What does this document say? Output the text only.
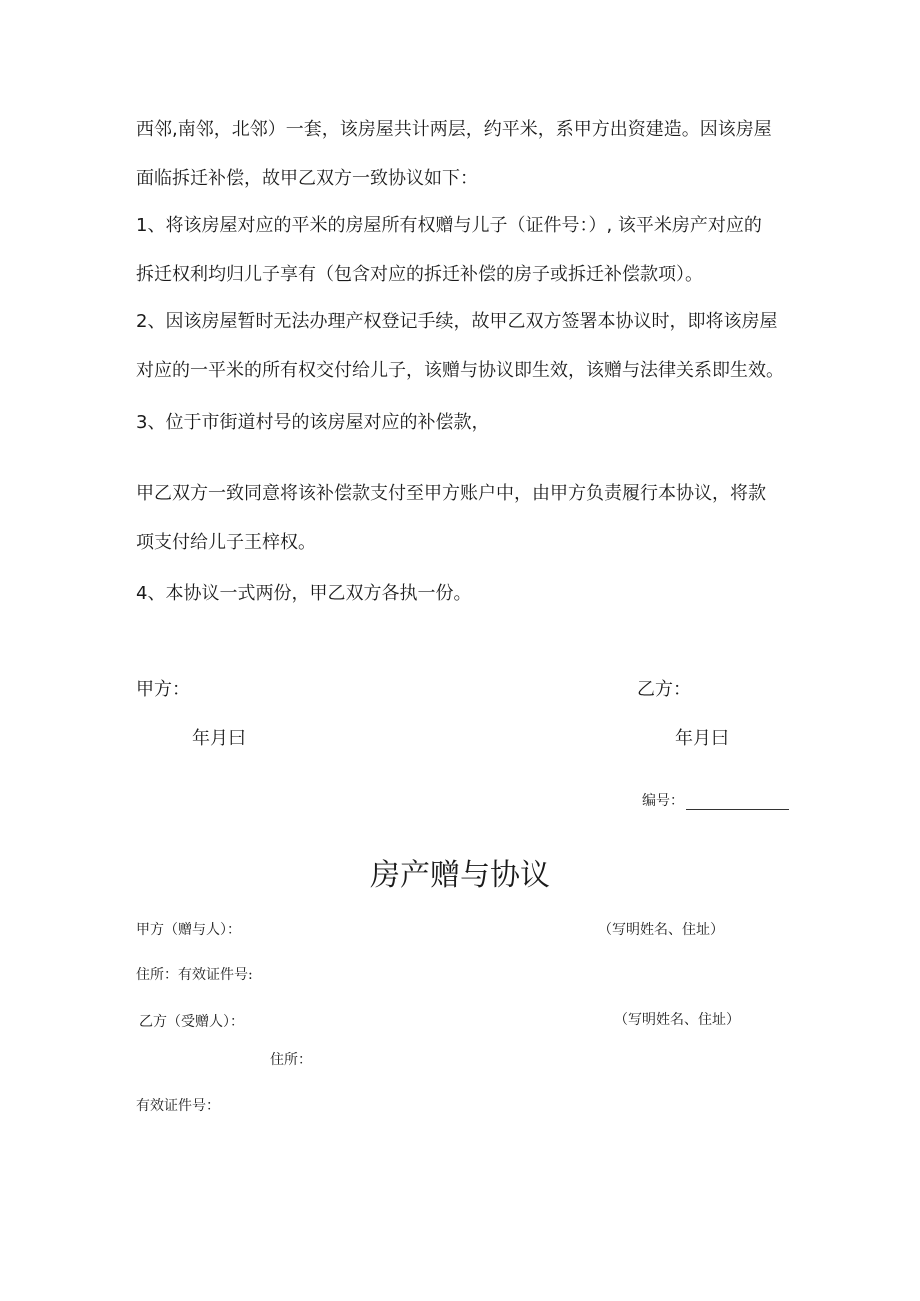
西邻,南邻，北邻）一套，该房屋共计两层，约平米，系甲方出资建造。因该房屋
面临拆迁补偿，故甲乙双方一致协议如下：
1、将该房屋对应的平米的房屋所有权赠与儿子（证件号：）, 该平米房产对应的
拆迁权利均归儿子享有（包含对应的拆迁补偿的房子或拆迁补偿款项）。
2、因该房屋暂时无法办理产权登记手续，故甲乙双方签署本协议时，即将该房屋
对应的一平米的所有权交付给儿子，该赠与协议即生效，该赠与法律关系即生效。
3、位于市街道村号的该房屋对应的补偿款，
甲乙双方一致同意将该补偿款支付至甲方账户中，由甲方负责履行本协议，将款
项支付给儿子王梓权。
4、本协议一式两份，甲乙双方各执一份。
甲方：	乙方：
年月曰	年月曰
编号：
房产赠与协议
甲方（赠与人）：	（写明姓名、住址）
住所：有效证件号:
乙方（受赠人）：	（写明姓名、住址）
住所：
有效证件号：
